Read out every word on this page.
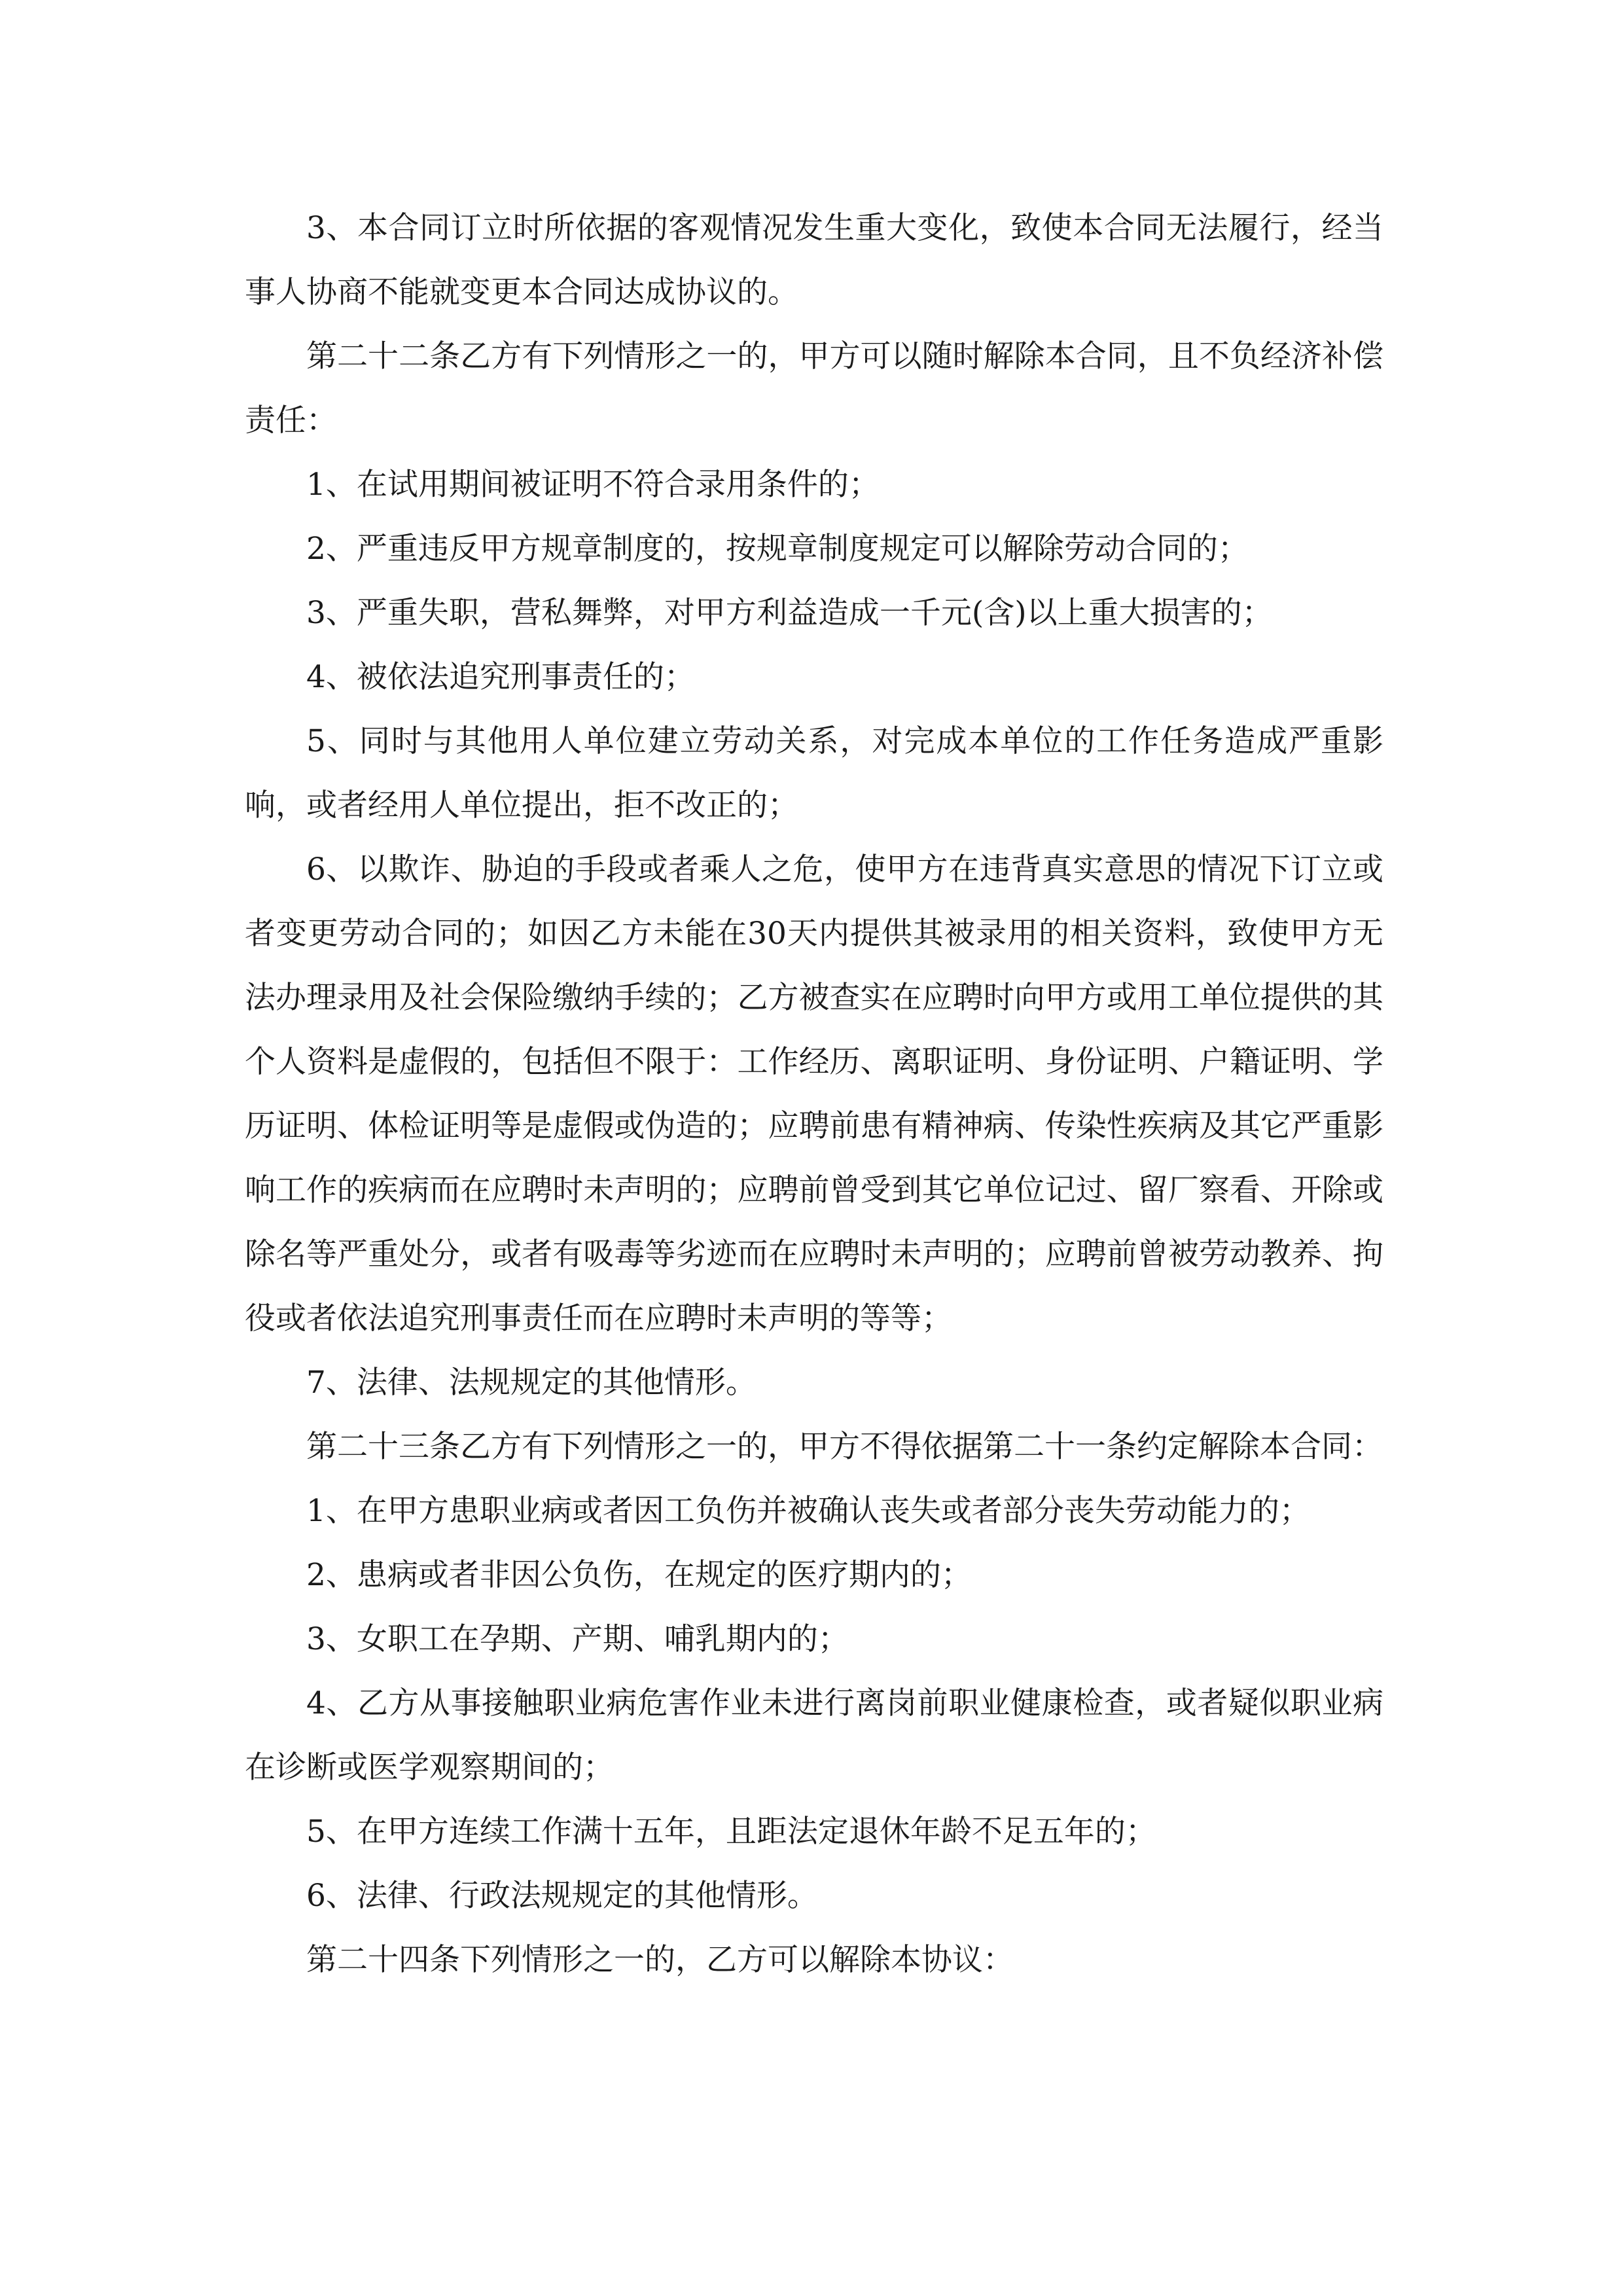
3、本合同订立时所依据的客观情况发生重大变化，致使本合同无法履行，经当事人协商不能就变更本合同达成协议的。

第二十二条乙方有下列情形之一的，甲方可以随时解除本合同，且不负经济补偿责任：

1、在试用期间被证明不符合录用条件的；

2、严重违反甲方规章制度的，按规章制度规定可以解除劳动合同的；

3、严重失职，营私舞弊，对甲方利益造成一千元(含)以上重大损害的；

4、被依法追究刑事责任的；

5、同时与其他用人单位建立劳动关系，对完成本单位的工作任务造成严重影响，或者经用人单位提出，拒不改正的；

6、以欺诈、胁迫的手段或者乘人之危，使甲方在违背真实意思的情况下订立或者变更劳动合同的；如因乙方未能在30天内提供其被录用的相关资料，致使甲方无法办理录用及社会保险缴纳手续的；乙方被查实在应聘时向甲方或用工单位提供的其个人资料是虚假的，包括但不限于：工作经历、离职证明、身份证明、户籍证明、学历证明、体检证明等是虚假或伪造的；应聘前患有精神病、传染性疾病及其它严重影响工作的疾病而在应聘时未声明的；应聘前曾受到其它单位记过、留厂察看、开除或除名等严重处分，或者有吸毒等劣迹而在应聘时未声明的；应聘前曾被劳动教养、拘役或者依法追究刑事责任而在应聘时未声明的等等；

7、法律、法规规定的其他情形。

第二十三条乙方有下列情形之一的，甲方不得依据第二十一条约定解除本合同：

1、在甲方患职业病或者因工负伤并被确认丧失或者部分丧失劳动能力的；

2、患病或者非因公负伤，在规定的医疗期内的；

3、女职工在孕期、产期、哺乳期内的；

4、乙方从事接触职业病危害作业未进行离岗前职业健康检查，或者疑似职业病在诊断或医学观察期间的；

5、在甲方连续工作满十五年，且距法定退休年龄不足五年的；

6、法律、行政法规规定的其他情形。

第二十四条下列情形之一的，乙方可以解除本协议：
